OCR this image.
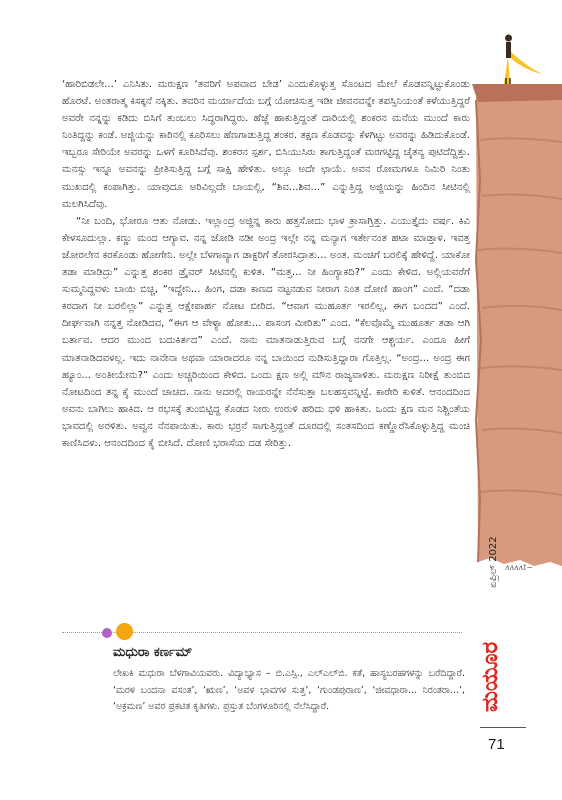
‘ಹಾರಿಬಿಡಲೇ...’ ಎನಿಸಿತು. ಮರುಕ್ಷಣ ‘ತವರಿಗೆ ಅಪವಾದ ಬೇಡ’ ಎಂದುಕೊಳ್ಳುತ್ತ ಸೊಂಟದ ಮೇಲೆ ಕೊಡವನ್ನಿಟ್ಟುಕೊಂಡು ಹೊರಟೆ. ಅಂತರಾತ್ಮ ಕಿಸಕ್ಕನೆ ನಕ್ಕಿತು. ತವರಿನ ಮರ್ಯಾದೆಯ ಬಗ್ಗೆ ಯೋಚಿಸುತ್ತ ಇಡೀ ಜೀವನವನ್ನೇ ತಪಸ್ಸಿನಿಯಂತೆ ಕಳೆಯುತ್ತಿದ್ದರೆ ಅವರೇ ನನ್ನನ್ನು ಕಡಿದು ಬಿಸಿಗೆ ತುಂಬಲು ಸಿದ್ಧರಾಗಿದ್ದರು. ಹೆಜ್ಜೆ ಹಾಕುತ್ತಿದ್ದಂತೆ ದಾರಿಯಲ್ಲಿ ಶಂಕರನ ಮನೆಯ ಮುಂದೆ ಕಾರು ನಿಂತಿದ್ದನ್ನು ಕಂಡೆ. ಅಜ್ಜಿಯನ್ನು ಕಾರಿನಲ್ಲಿ ಕೂರಿಸಲು ಹೆಣಗಾಡುತ್ತಿದ್ದ ಶಂಕರ. ತಕ್ಷಣ ಕೊಡವನ್ನು ಕೆಳಗಿಟ್ಟು ಅವರನ್ನು ಹಿಡಿದುಕೊಂಡೆ. ಇಬ್ಬರೂ ಸೇರಿಯೇ ಅವರನ್ನು ಒಳಗೆ ಕೂರಿಸಿದೆವು. ಶಂಕರನ ಸ್ಪರ್ಶ, ಬಿಸಿಯುಸಿರು ತಾಗುತ್ತಿದ್ದಂತೆ ಮರಗಟ್ಟಿದ್ದ ಚೈತನ್ಯ ಪುಟಿದೆದ್ದಿತ್ತು. ಮನಸ್ಸು ಇನ್ನೂ ಅವನನ್ನು ಪ್ರೀತಿಸುತ್ತಿದ್ದ ಬಗ್ಗೆ ಸಾಕ್ಷಿ ಹೇಳಿತು. ಅಲ್ಲೂ ಅದೇ ಛಾಯೆ. ಅವನ ರೋಮಗಳೂ ನಿಮಿರಿ ನಿಂತು ಮುಖದಲ್ಲಿ ಕಂಪಾಗಿತ್ತು. ಯಾವುದೂ ಅರಿವಿಲ್ಲದೇ ಬಾಯಲ್ಲಿ, “ಶಿವ...ಶಿವ...” ಎನ್ನುತ್ತಿದ್ದ ಅಜ್ಜಿಯನ್ನು ಹಿಂದಿನ ಸೀಟಿನಲ್ಲಿ ಮಲಗಿಸಿದೆವು.

“ನೀ ಬಂದಿ, ಭೋರೂ ಆತು ನೋಡು. ಇಲ್ಲಾಂದ್ರ ಅಜ್ಜಿನ್ನ ಕಾರು ಹತ್ತಸೋದು ಭಾಳ ತ್ರಾಸಾಗ್ತಿತ್ತು. ಎಯುತ್ತೈದು ವರ್ಷ. ಕಿವಿ ಕೇಳಸೂದುಲ್ಲಾ. ಕಣ್ಣು ಮಂದ ಆಗ್ಯಾವ. ನನ್ನ ಜೋಡಿ ನಡೀ ಅಂದ್ರ ಇಲ್ಲೇ ನನ್ನ ಮನ್ಯಾಗ ಇರ್ತೇನಂತ ಹಟಾ ಮಾಡ್ತಾಳ. ಇವತ್ತ ಜೋರಲೇನ ಕರಕೊಂಡು ಹೋಗೇನಿ. ಅಲ್ಲೇ ಬೆಳಗಾವ್ಯಾಗ ಡಾಕ್ಟರಿಗೆ ತೋರಸಿದ್ರಾತು... ಅಂತ. ಮಂಚಿಗೆ ಬರಲಿಕ್ಕೆ ಹೇಳಿದ್ದೆ. ಯಾಕೋ ತಡಾ ಮಾಡಿದ್ರು” ಎನ್ನುತ್ತ ಶಂಕರ ಡ್ರೈವರ್ ಸೀಟಿನಲ್ಲಿ ಕುಳಿತ. “ಮತ್ತ... ನೀ ಹಿಂಗ್ಯಾಕದಿ?” ಎಂದು ಕೇಳಿದ. ಅಲ್ಲಿಯವರೆಗೆ ಸುಮ್ಮನಿದ್ದವಳು ಬಾಯಿ ಬಿಚ್ಚಿ, “ಇದ್ದೇನಿ... ಹಿಂಗ, ದಡಾ ಕಾಣದ ನಟ್ಟನಡುವ ನೀರಾಗ ನಿಂತ ದೋಣಿ ಹಾಂಗ” ಎಂದೆ. “ದಡಾ ಕರದಾಗ ನೀ ಬರಲಿಲ್ಲಾ” ಎನ್ನುತ್ತ ಆಕ್ಷೇಪಾರ್ಹ ನೋಟ ಬೀರಿದ. “ಆವಾಗ ಮುಹೂರ್ತ ಇರಲಿಲ್ಲ, ಈಗ ಬಂದದ” ಎಂದೆ. ದೀರ್ಘವಾಗಿ ನನ್ನತ್ತ ನೋಡಿದವ, “ಈಗ ಆ ವೇಳ್ಯಾ ಹೋತು... ಪಾಸಂಗ ಮೀರಿತು” ಎಂದ. “ಕೆಲವೊಮ್ಮೆ ಮುಹೂರ್ತ ತಡಾ ಆಗಿ ಬರ್ತಾವ. ಆದರ ಮುಂದ ಬದುಕಿರ್ತದ” ಎಂದೆ. ನಾನು ಮಾತನಾಡುತ್ತಿರುವ ಬಗ್ಗೆ ನನಗೇ ಆಶ್ಚರ್ಯ. ಎಂದೂ ಹೀಗೆ ಮಾತನಾಡಿದವಳಲ್ಲ. ಇದು ನಾನೇನಾ ಅಥವಾ ಯಾರಾದರೂ ನನ್ನ ಬಾಯಿಂದ ನುಡಿಸುತ್ತಿದ್ದಾರಾ ಗೊತ್ತಿಲ್ಲ. “ಅಂದ್ರ... ಅಂದ್ರ ಈಗ ಹ್ಯೂಂ... ಅಂತೀಯೇನು?” ಎಂದು ಅಚ್ಚರಿಯಿಂದ ಕೇಳಿದ. ಒಂದು ಕ್ಷಣ ಅಲ್ಲಿ ಮೌನ ರಾಜ್ಯವಾಳಿತು. ಮರುಕ್ಷಣ ನಿರೀಕ್ಷೆ ತುಂಬಿದ ನೋಟದಿಂದ ತನ್ನ ಕೈ ಮುಂದೆ ಚಾಚಿದ. ನಾನು ಅದರಲ್ಲಿ ರಾಯರನ್ನೇ ನೆನೆಸುತ್ತಾ ಬಲಹಸ್ತವನ್ನಿಟ್ಟೆ. ಕಾರೇರಿ ಕುಳಿತೆ. ಆನಂದದಿಂದ ಅವನು ಬಾಗಿಲು ಹಾಕಿದ. ಆ ರಭಸಕ್ಕೆ ತುಂಬಿಟ್ಟಿದ್ದ ಕೊಡದ ನೀರು ಉರುಳಿ ಹರಿದು ಧಳಿ ಹಾಕಿತು. ಒಂದು ಕ್ಷಣ ಮನ ನಿಶ್ಚಿಂತೆಯ ಭಾವದಲ್ಲಿ ಅರಳಿತು. ಅವ್ವನ ನೆನಪಾಯಿತು. ಕಾರು ಭರ್ರನೆ ಸಾಗುತ್ತಿದ್ದಂತೆ ದೂರದಲ್ಲಿ ಸಂತಸದಿಂದ ಕಣ್ಣೊರೆಸಿಕೊಳ್ಳುತ್ತಿದ್ದ ಮಂಚಿ ಕಾಣಿಸಿದಳು. ಆನಂದದಿಂದ ಕೈ ಬೀಸಿದೆ. ದೋಣಿ ಭರಾಸೆಯ ದಡ ಸೇರಿತ್ತು.

ಮಧುರಾ ಕರ್ಣಮ್
ಲೇಖಕಿ ಮಧುರಾ ಬೆಳಗಾವಿಯವರು. ವಿದ್ಯಾಭ್ಯಾಸ – ಬಿ.ಎಸ್ಸಿ., ಎಲ್‌ಎಲ್‌ಬಿ. ಕತೆ, ಹಾಸ್ಯಬರಹಗಳನ್ನು ಬರೆದಿದ್ದಾರೆ. ‘ಮರಳಿ ಬಂದನಾ ವಸಂತ’, ‘ಋಣ’, ‘ಅವಳ ಭಾವಗಳ ಸುತ್ತ’, ‘ಗುಂಡಪುರಾಣ’, ‘ಜೀವಧಾರಾ... ನಿರಂತರಾ...’, ‘ಅಕ್ರಮಣ’ ಅವರ ಪ್ರಕಟಿತ ಕೃತಿಗಳು. ಪ್ರಸ್ತುತ ಬೆಂಗಳೂರಿನಲ್ಲಿ ನೆಲೆಸಿದ್ದಾರೆ.
ʌʌʌʌt~
ಏಪ್ರಿಲ್ 2022
ಮಯೂರ
71
